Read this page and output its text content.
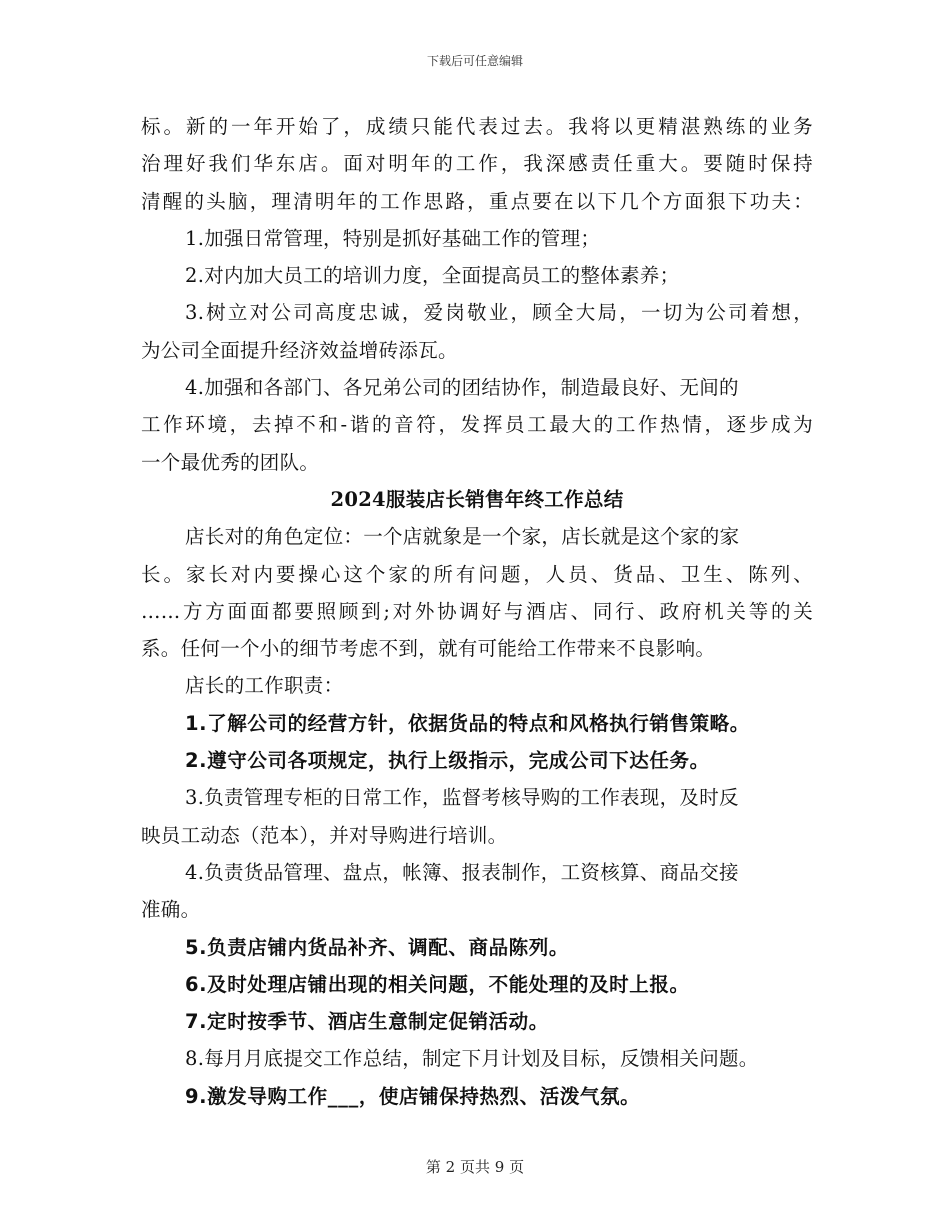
下载后可任意编辑
标。新的一年开始了，成绩只能代表过去。我将以更精湛熟练的业务
治理好我们华东店。面对明年的工作，我深感责任重大。要随时保持
清醒的头脑，理清明年的工作思路，重点要在以下几个方面狠下功夫：
1.加强日常管理，特别是抓好基础工作的管理；
2.对内加大员工的培训力度，全面提高员工的整体素养；
3.树立对公司高度忠诚，爱岗敬业，顾全大局，一切为公司着想，
为公司全面提升经济效益增砖添瓦。
4.加强和各部门、各兄弟公司的团结协作，制造最良好、无间的
工作环境，去掉不和-谐的音符，发挥员工最大的工作热情，逐步成为
一个最优秀的团队。
2024服装店长销售年终工作总结
店长对的角色定位：一个店就象是一个家，店长就是这个家的家
长。家长对内要操心这个家的所有问题，人员、货品、卫生、陈列、
……方方面面都要照顾到;对外协调好与酒店、同行、政府机关等的关
系。任何一个小的细节考虑不到，就有可能给工作带来不良影响。
店长的工作职责：
1.了解公司的经营方针，依据货品的特点和风格执行销售策略。
2.遵守公司各项规定，执行上级指示，完成公司下达任务。
3.负责管理专柜的日常工作，监督考核导购的工作表现，及时反
映员工动态（范本），并对导购进行培训。
4.负责货品管理、盘点，帐簿、报表制作，工资核算、商品交接
准确。
5.负责店铺内货品补齐、调配、商品陈列。
6.及时处理店铺出现的相关问题，不能处理的及时上报。
7.定时按季节、酒店生意制定促销活动。
8.每月月底提交工作总结，制定下月计划及目标，反馈相关问题。
9.激发导购工作___，使店铺保持热烈、活泼气氛。
第 2 页共 9 页
